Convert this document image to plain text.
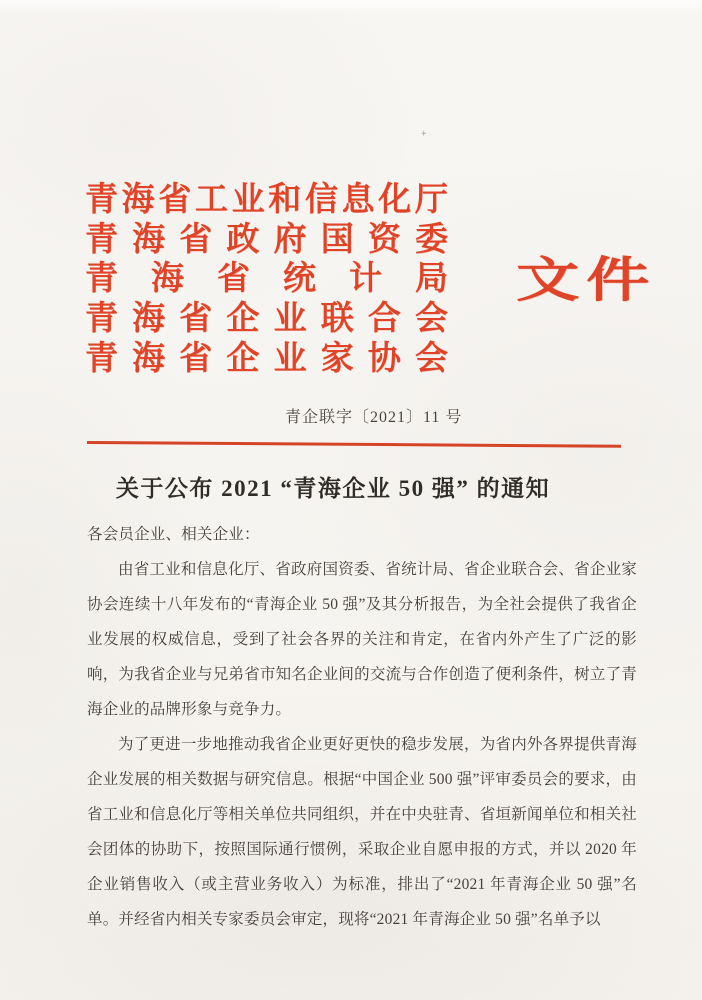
青 海 省 工 业 和 信 息 化 厅
青 海 省 政 府 国 资 委
青 海 省 统 计 局
青 海 省 企 业 联 合 会
青 海 省 企 业 家 协 会
文件
青企联字〔2021〕11 号
关于公布 2021 “青海企业 50 强” 的通知

各会员企业、相关企业：

由省工业和信息化厅、省政府国资委、省统计局、省企业联合会、省企业家协会连续十八年发布的“青海企业 50 强”及其分析报告，为全社会提供了我省企业发展的权威信息，受到了社会各界的关注和肯定，在省内外产生了广泛的影响，为我省企业与兄弟省市知名企业间的交流与合作创造了便利条件，树立了青海企业的品牌形象与竞争力。

为了更进一步地推动我省企业更好更快的稳步发展，为省内外各界提供青海企业发展的相关数据与研究信息。根据“中国企业 500 强”评审委员会的要求，由省工业和信息化厅等相关单位共同组织，并在中央驻青、省垣新闻单位和相关社会团体的协助下，按照国际通行惯例，采取企业自愿申报的方式，并以 2020 年企业销售收入（或主营业务收入）为标准，排出了“2021 年青海企业 50 强”名单。并经省内相关专家委员会审定，现将“2021 年青海企业 50 强”名单予以

+
